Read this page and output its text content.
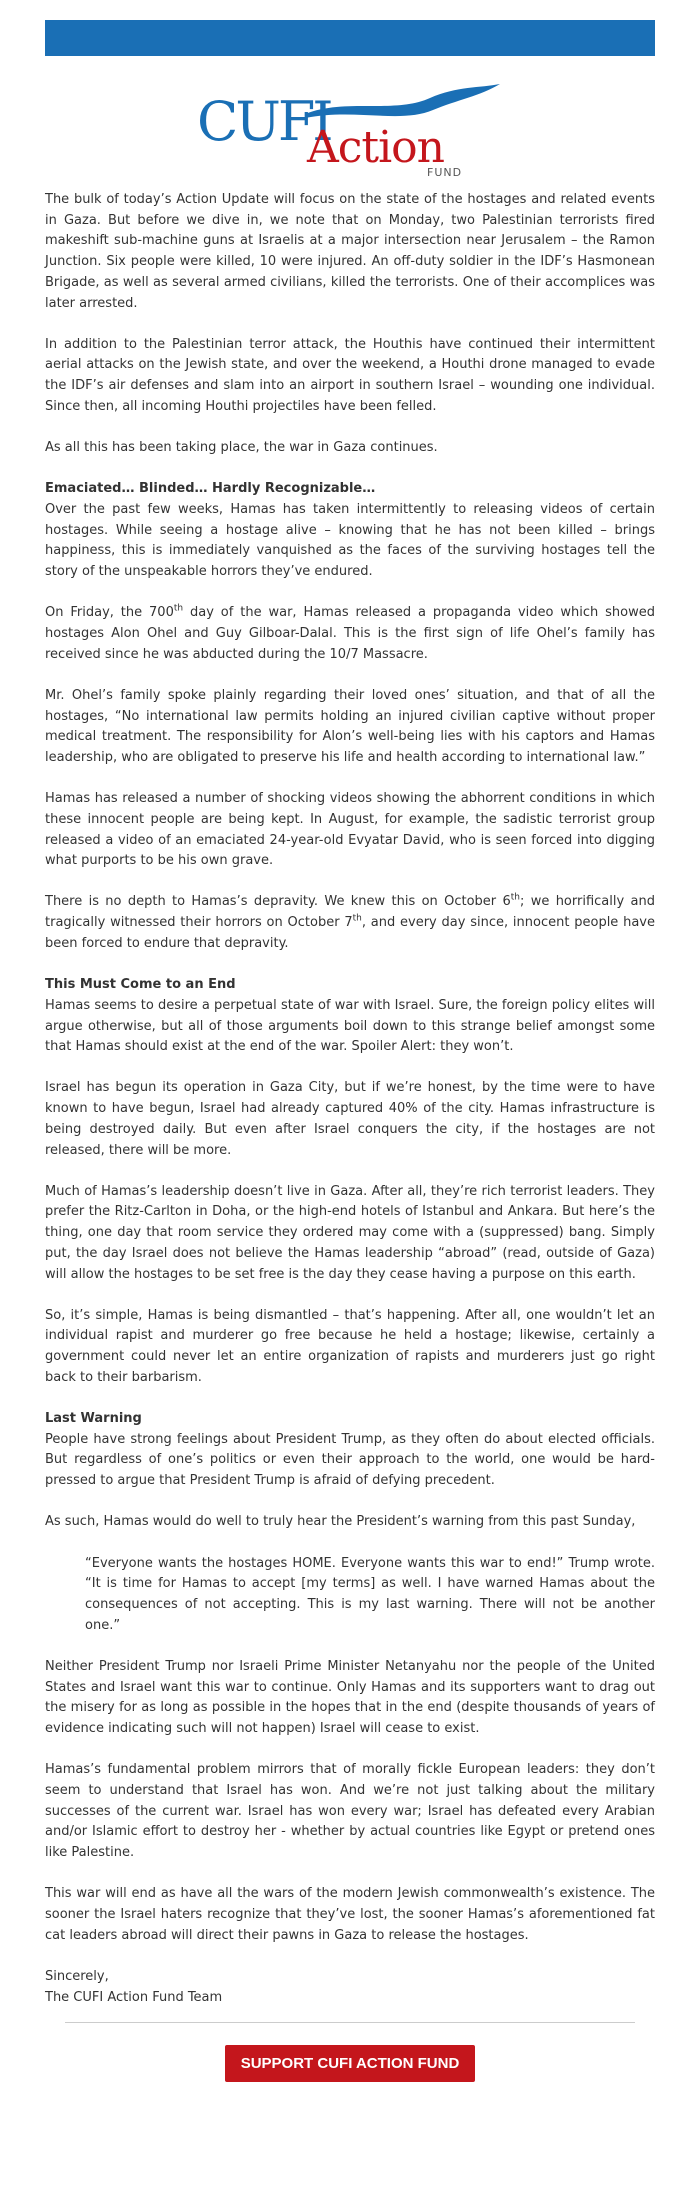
CUFI
Action
FUND

The bulk of today’s Action Update will focus on the state of the hostages and related events in Gaza. But before we dive in, we note that on Monday, two Palestinian terrorists fired makeshift sub-machine guns at Israelis at a major intersection near Jerusalem – the Ramon Junction. Six people were killed, 10 were injured. An off-duty soldier in the IDF’s Hasmonean Brigade, as well as several armed civilians, killed the terrorists. One of their accomplices was later arrested.

In addition to the Palestinian terror attack, the Houthis have continued their intermittent aerial attacks on the Jewish state, and over the weekend, a Houthi drone managed to evade the IDF’s air defenses and slam into an airport in southern Israel – wounding one individual. Since then, all incoming Houthi projectiles have been felled.

As all this has been taking place, the war in Gaza continues.

Emaciated… Blinded… Hardly Recognizable…

Over the past few weeks, Hamas has taken intermittently to releasing videos of certain hostages. While seeing a hostage alive – knowing that he has not been killed – brings happiness, this is immediately vanquished as the faces of the surviving hostages tell the story of the unspeakable horrors they’ve endured.

On Friday, the 700th day of the war, Hamas released a propaganda video which showed hostages Alon Ohel and Guy Gilboar-Dalal. This is the first sign of life Ohel’s family has received since he was abducted during the 10/7 Massacre.

Mr. Ohel’s family spoke plainly regarding their loved ones’ situation, and that of all the hostages, “No international law permits holding an injured civilian captive without proper medical treatment. The responsibility for Alon’s well-being lies with his captors and Hamas leadership, who are obligated to preserve his life and health according to international law.”

Hamas has released a number of shocking videos showing the abhorrent conditions in which these innocent people are being kept. In August, for example, the sadistic terrorist group released a video of an emaciated 24-year-old Evyatar David, who is seen forced into digging what purports to be his own grave.

There is no depth to Hamas’s depravity. We knew this on October 6th; we horrifically and tragically witnessed their horrors on October 7th, and every day since, innocent people have been forced to endure that depravity.

This Must Come to an End

Hamas seems to desire a perpetual state of war with Israel. Sure, the foreign policy elites will argue otherwise, but all of those arguments boil down to this strange belief amongst some that Hamas should exist at the end of the war. Spoiler Alert: they won’t.

Israel has begun its operation in Gaza City, but if we’re honest, by the time were to have known to have begun, Israel had already captured 40% of the city. Hamas infrastructure is being destroyed daily. But even after Israel conquers the city, if the hostages are not released, there will be more.

Much of Hamas’s leadership doesn’t live in Gaza. After all, they’re rich terrorist leaders. They prefer the Ritz-Carlton in Doha, or the high-end hotels of Istanbul and Ankara. But here’s the thing, one day that room service they ordered may come with a (suppressed) bang. Simply put, the day Israel does not believe the Hamas leadership “abroad” (read, outside of Gaza) will allow the hostages to be set free is the day they cease having a purpose on this earth.

So, it’s simple, Hamas is being dismantled – that’s happening. After all, one wouldn’t let an individual rapist and murderer go free because he held a hostage; likewise, certainly a government could never let an entire organization of rapists and murderers just go right back to their barbarism.

Last Warning

People have strong feelings about President Trump, as they often do about elected officials. But regardless of one’s politics or even their approach to the world, one would be hard-pressed to argue that President Trump is afraid of defying precedent.

As such, Hamas would do well to truly hear the President’s warning from this past Sunday,

“Everyone wants the hostages HOME. Everyone wants this war to end!” Trump wrote. “It is time for Hamas to accept [my terms] as well. I have warned Hamas about the consequences of not accepting. This is my last warning. There will not be another one.”

Neither President Trump nor Israeli Prime Minister Netanyahu nor the people of the United States and Israel want this war to continue. Only Hamas and its supporters want to drag out the misery for as long as possible in the hopes that in the end (despite thousands of years of evidence indicating such will not happen) Israel will cease to exist.

Hamas’s fundamental problem mirrors that of morally fickle European leaders: they don’t seem to understand that Israel has won. And we’re not just talking about the military successes of the current war. Israel has won every war; Israel has defeated every Arabian and/or Islamic effort to destroy her - whether by actual countries like Egypt or pretend ones like Palestine.

This war will end as have all the wars of the modern Jewish commonwealth’s existence. The sooner the Israel haters recognize that they’ve lost, the sooner Hamas’s aforementioned fat cat leaders abroad will direct their pawns in Gaza to release the hostages.

Sincerely,
The CUFI Action Fund Team
SUPPORT CUFI ACTION FUND
